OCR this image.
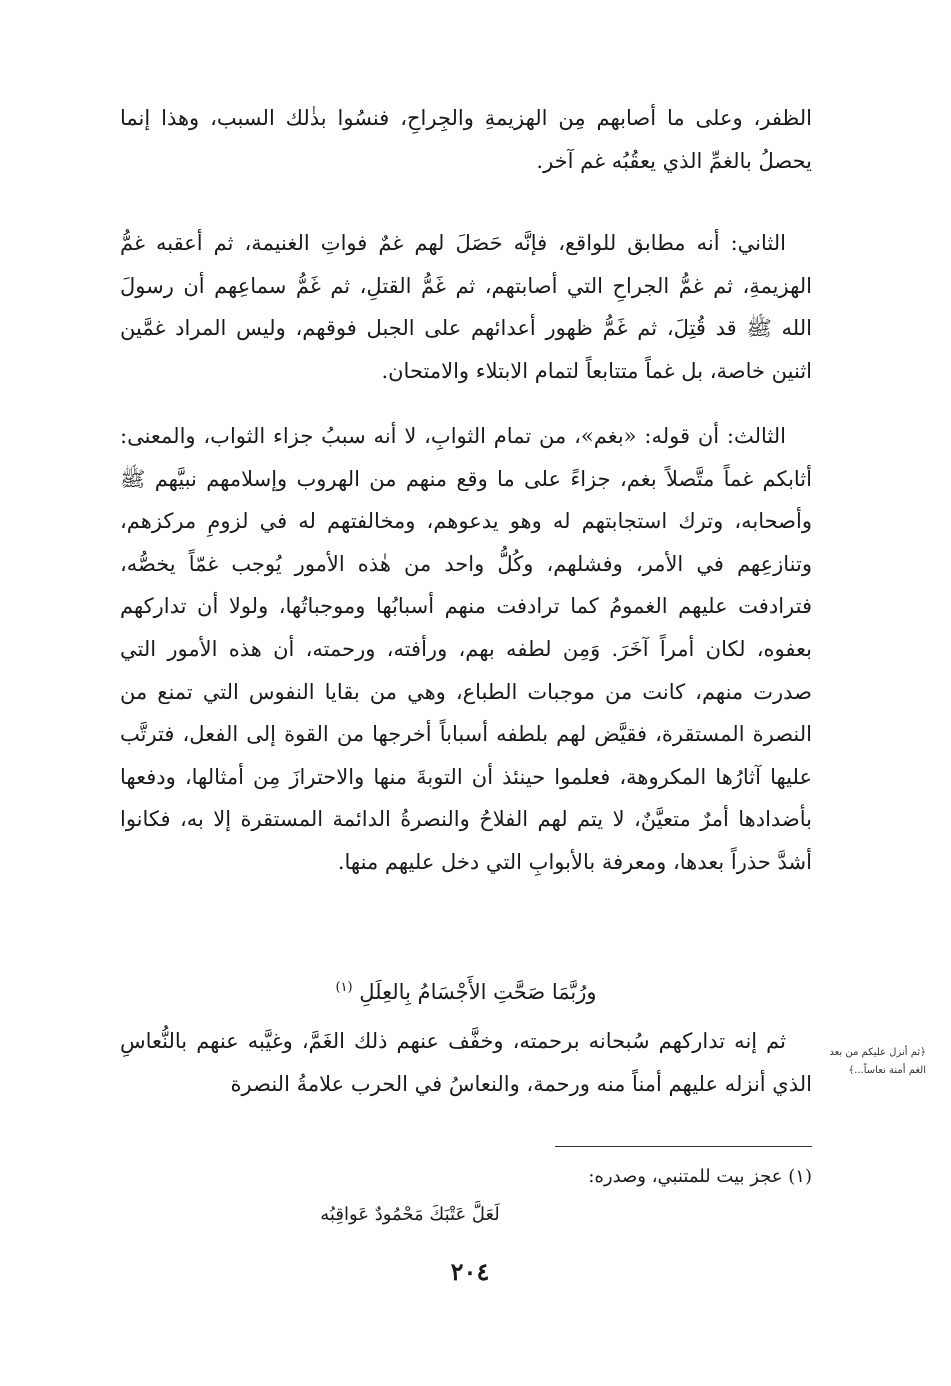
الظفر، وعلى ما أصابهم مِن الهزيمةِ والجِراحِ، فنسُوا بذٰلك السبب، وهذا إنما يحصلُ بالغمِّ الذي يعقُبُه غم آخر.

الثاني: أنه مطابق للواقع، فإنَّه حَصَلَ لهم غمٌ فواتِ الغنيمة، ثم أعقبه غمُّ الهزيمةِ، ثم غمُّ الجراحِ التي أصابتهم، ثم غَمُّ القتلِ، ثم غَمُّ سماعِهم أن رسولَ الله ﷺ قد قُتِلَ، ثم غَمُّ ظهور أعدائهم على الجبل فوقهم، وليس المراد غمَّين اثنين خاصة، بل غماً متتابعاً لتمام الابتلاء والامتحان.

الثالث: أن قوله: «بغم»، من تمام الثوابِ، لا أنه سببُ جزاء الثواب، والمعنى: أثابكم غماً متَّصلاً بغم، جزاءً على ما وقع منهم من الهروب وإسلامهم نبيَّهم ﷺ وأصحابه، وترك استجابتهم له وهو يدعوهم، ومخالفتهم له في لزومِ مركزهم، وتنازعِهم في الأمر، وفشلهم، وكُلُّ واحد من هٰذه الأمور يُوجب غمّاً يخصُّه، فترادفت عليهم الغمومُ كما ترادفت منهم أسبابُها وموجباتُها، ولولا أن تداركهم بعفوه، لكان أمراً آخَرَ. وَمِن لطفه بهم، ورأفته، ورحمته، أن هذه الأمور التي صدرت منهم، كانت من موجبات الطباع، وهي من بقايا النفوس التي تمنع من النصرة المستقرة، فقيَّض لهم بلطفه أسباباً أخرجها من القوة إلى الفعل، فترتَّب عليها آثارُها المكروهة، فعلموا حينئذ أن التوبةَ منها والاحترازَ مِن أمثالها، ودفعها بأضدادها أمرٌ متعيَّنٌ، لا يتم لهم الفلاحُ والنصرةُ الدائمة المستقرة إلا به، فكانوا أشدَّ حذراً بعدها، ومعرفة بالأبوابِ التي دخل عليهم منها.

ورُبَّمَا صَحَّتِ الأَجْسَامُ بِالعِلَلِ $^{(١)}$

ثم إنه تداركهم سُبحانه برحمته، وخفَّف عنهم ذلك الغَمَّ، وغيَّبه عنهم بالنُّعاسِ الذي أنزله عليهم أمناً منه ورحمة، والنعاسُ في الحرب علامةُ النصرة

﴿ثم أنزل عليكم من بعد
الغم أمنة نعاساً...﴾
(١) عجز بيت للمتنبي، وصدره:
لَعَلَّ عَتْبَكَ مَحْمُودٌ عَواقِبُه
٢٠٤
